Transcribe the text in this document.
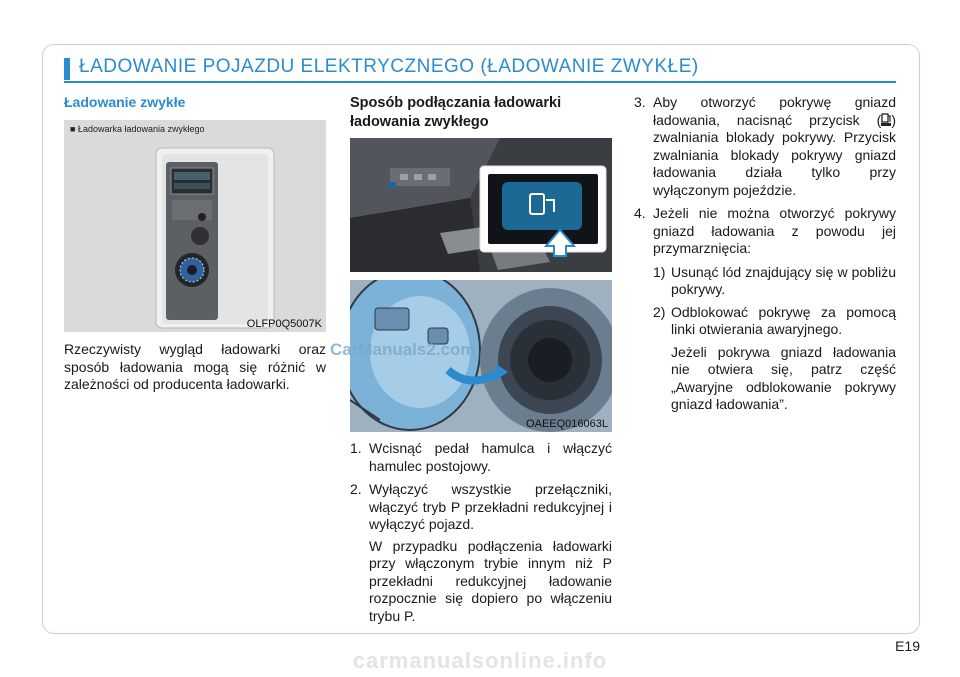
ŁADOWANIE POJAZDU ELEKTRYCZNEGO (ŁADOWANIE ZWYKŁE)
Ładowanie zwykłe
■ Ładowarka ładowania zwykłego
OLFP0Q5007K
Rzeczywisty wygląd ładowarki oraz sposób ładowania mogą się różnić w zależności od producenta ładowarki.
Sposób podłączania ładowarki
ładowania zwykłego
OAEEQ016063L
1. Wcisnąć pedał hamulca i włączyć hamulec postojowy.
2. Wyłączyć wszystkie przełączniki, włączyć tryb P przekładni redukcyjnej i wyłączyć pojazd.
W przypadku podłączenia ładowarki przy włączonym trybie innym niż P przekładni redukcyjnej ładowanie rozpocznie się dopiero po włączeniu trybu P.
3. Aby otworzyć pokrywę gniazd ładowania, nacisnąć przycisk ( ) zwalniania blokady pokrywy. Przycisk zwalniania blokady pokrywy gniazd ładowania działa tylko przy wyłączonym pojeździe.
4. Jeżeli nie można otworzyć pokrywy gniazd ładowania z powodu jej przymarznięcia:
1) Usunąć lód znajdujący się w pobliżu pokrywy.
2) Odblokować pokrywę za pomocą linki otwierania awaryjnego.
Jeżeli pokrywa gniazd ładowania nie otwiera się, patrz część „Awaryjne odblokowanie pokrywy gniazd ładowania”.
CarManuals2.com
E19
carmanualsonline.info
